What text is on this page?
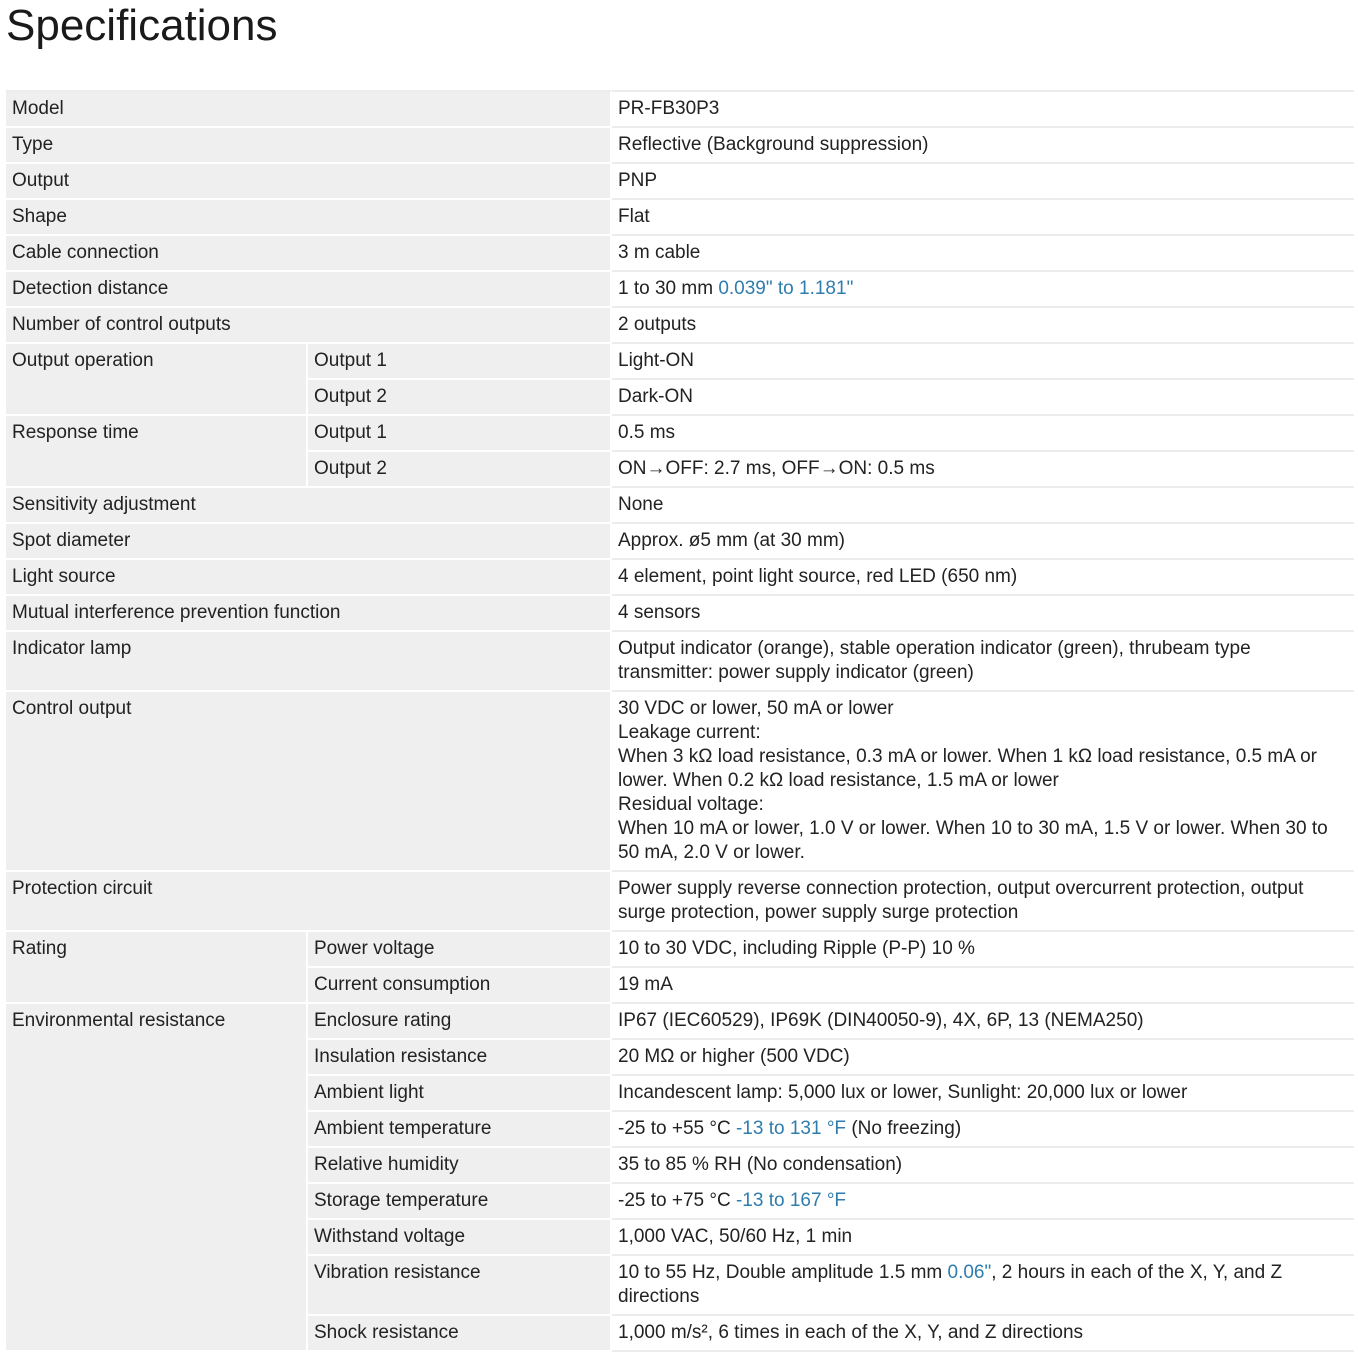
Specifications
Model		PR-FB30P3
Type		Reflective (Background suppression)
Output		PNP
Shape		Flat
Cable connection		3 m cable
Detection distance		1 to 30 mm 0.039" to 1.181"
Number of control outputs		2 outputs
Output operation	Output 1	Light-ON
	Output 2	Dark-ON
Response time	Output 1	0.5 ms
	Output 2	ON→OFF: 2.7 ms, OFF→ON: 0.5 ms
Sensitivity adjustment		None
Spot diameter		Approx. ø5 mm (at 30 mm)
Light source		4 element, point light source, red LED (650 nm)
Mutual interference prevention function		4 sensors
Indicator lamp		Output indicator (orange), stable operation indicator (green), thrubeam type transmitter: power supply indicator (green)
Control output		30 VDC or lower, 50 mA or lower
Leakage current:
When 3 kΩ load resistance, 0.3 mA or lower. When 1 kΩ load resistance, 0.5 mA or lower. When 0.2 kΩ load resistance, 1.5 mA or lower
Residual voltage:
When 10 mA or lower, 1.0 V or lower. When 10 to 30 mA, 1.5 V or lower. When 30 to 50 mA, 2.0 V or lower.

Protection circuit		Power supply reverse connection protection, output overcurrent protection, output surge protection, power supply surge protection
Rating	Power voltage	10 to 30 VDC, including Ripple (P-P) 10 %
	Current consumption	19 mA
Environmental resistance	Enclosure rating	IP67 (IEC60529), IP69K (DIN40050-9), 4X, 6P, 13 (NEMA250)
	Insulation resistance	20 MΩ or higher (500 VDC)
	Ambient light	Incandescent lamp: 5,000 lux or lower, Sunlight: 20,000 lux or lower
	Ambient temperature	-25 to +55 °C -13 to 131 °F (No freezing)
	Relative humidity	35 to 85 % RH (No condensation)
	Storage temperature	-25 to +75 °C -13 to 167 °F
	Withstand voltage	1,000 VAC, 50/60 Hz, 1 min
	Vibration resistance	10 to 55 Hz, Double amplitude 1.5 mm 0.06", 2 hours in each of the X, Y, and Z directions
	Shock resistance	1,000 m/s², 6 times in each of the X, Y, and Z directions
